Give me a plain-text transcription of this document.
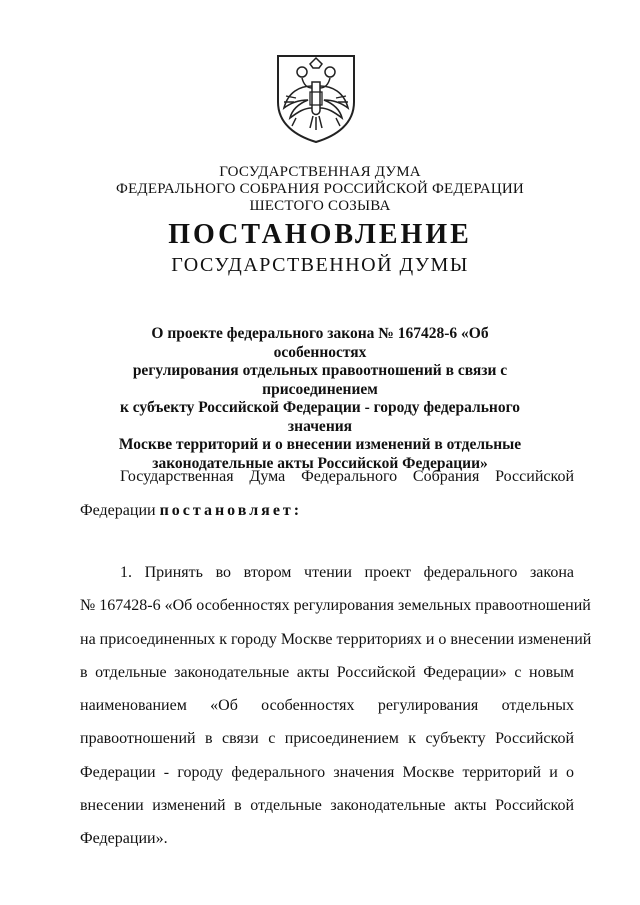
ГОСУДАРСТВЕННАЯ ДУМА
ФЕДЕРАЛЬНОГО СОБРАНИЯ РОССИЙСКОЙ ФЕДЕРАЦИИ
ШЕСТОГО СОЗЫВА
ПОСТАНОВЛЕНИЕ
ГОСУДАРСТВЕННОЙ ДУМЫ
О проекте федерального закона № 167428-6 «Об особенностях
регулирования отдельных правоотношений в связи с присоединением
к субъекту Российской Федерации - городу федерального значения
Москве территорий и о внесении изменений в отдельные
законодательные акты Российской Федерации»
Государственная Дума Федерального Собрания Российской
Федерации постановляет:
1. Принять во втором чтении проект федерального закона
№ 167428-6 «Об особенностях регулирования земельных правоотношений
на присоединенных к городу Москве территориях и о внесении изменений
в отдельные законодательные акты Российской Федерации» с новым
наименованием «Об особенностях регулирования отдельных
правоотношений в связи с присоединением к субъекту Российской
Федерации - городу федерального значения Москве территорий и о
внесении изменений в отдельные законодательные акты Российской
Федерации».
